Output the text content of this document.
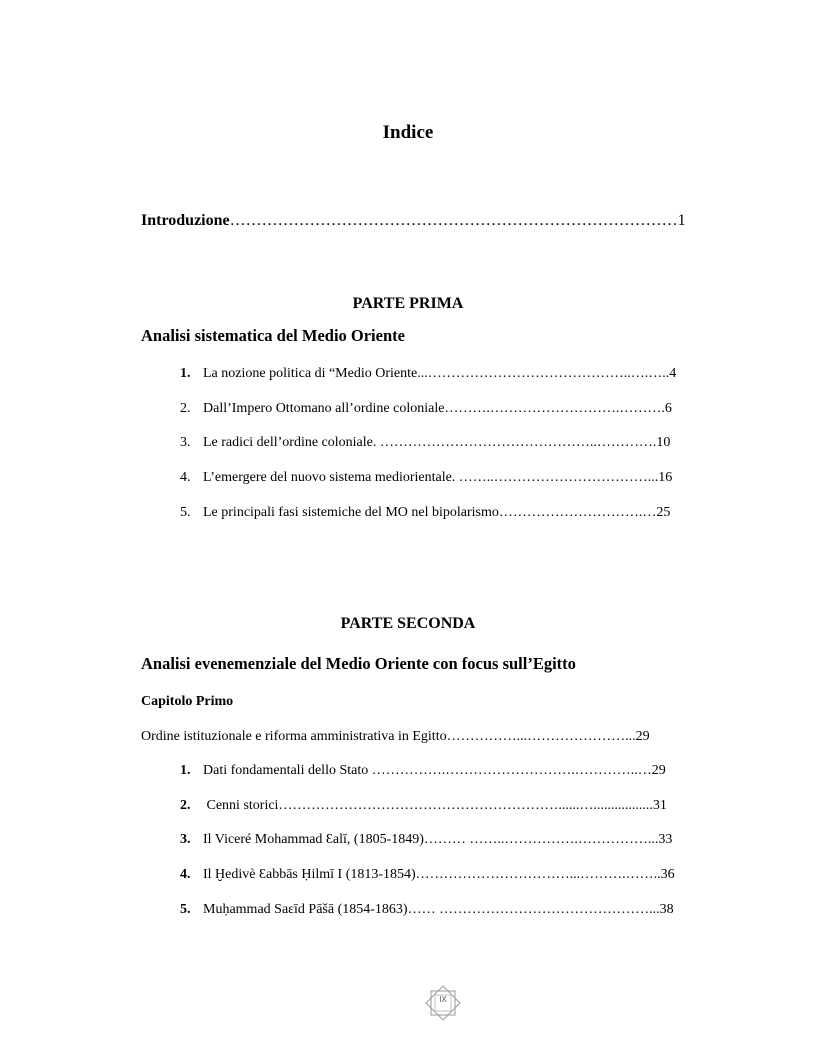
Indice
Introduzione…………………………………………………………………………1
PARTE PRIMA
Analisi sistematica del Medio Oriente
1. La nozione politica di “Medio Oriente...……………………………………..….…..4
2. Dall’Impero Ottomano all’ordine coloniale……….……………………….……….6
3. Le radici dell’ordine coloniale. ………………………………………..………….10
4. L’emergere del nuovo sistema mediorientale. ……..……………………………...16
5. Le principali fasi sistemiche del MO nel bipolarismo………………………….…25
PARTE SECONDA
Analisi evenemenziale del Medio Oriente con focus sull’Egitto
Capitolo Primo
Ordine istituzionale e riforma amministrativa in Egitto……………...…………………...29
1. Dati fondamentali dello Stato …………….……………………….…………..…29
2. Cenni storici……………………………………………………......….................31
3. Il Viceré Mohammad Ɛalī, (1805-1849)……… ……..…………….……………...33
4. Il Ḫedivè Ɛabbās Ḥilmī I (1813-1854)……………………………...……….……..36
5. Muḥammad Saɛīd Pāšā (1854-1863)…… ………………………………………...38
IX
